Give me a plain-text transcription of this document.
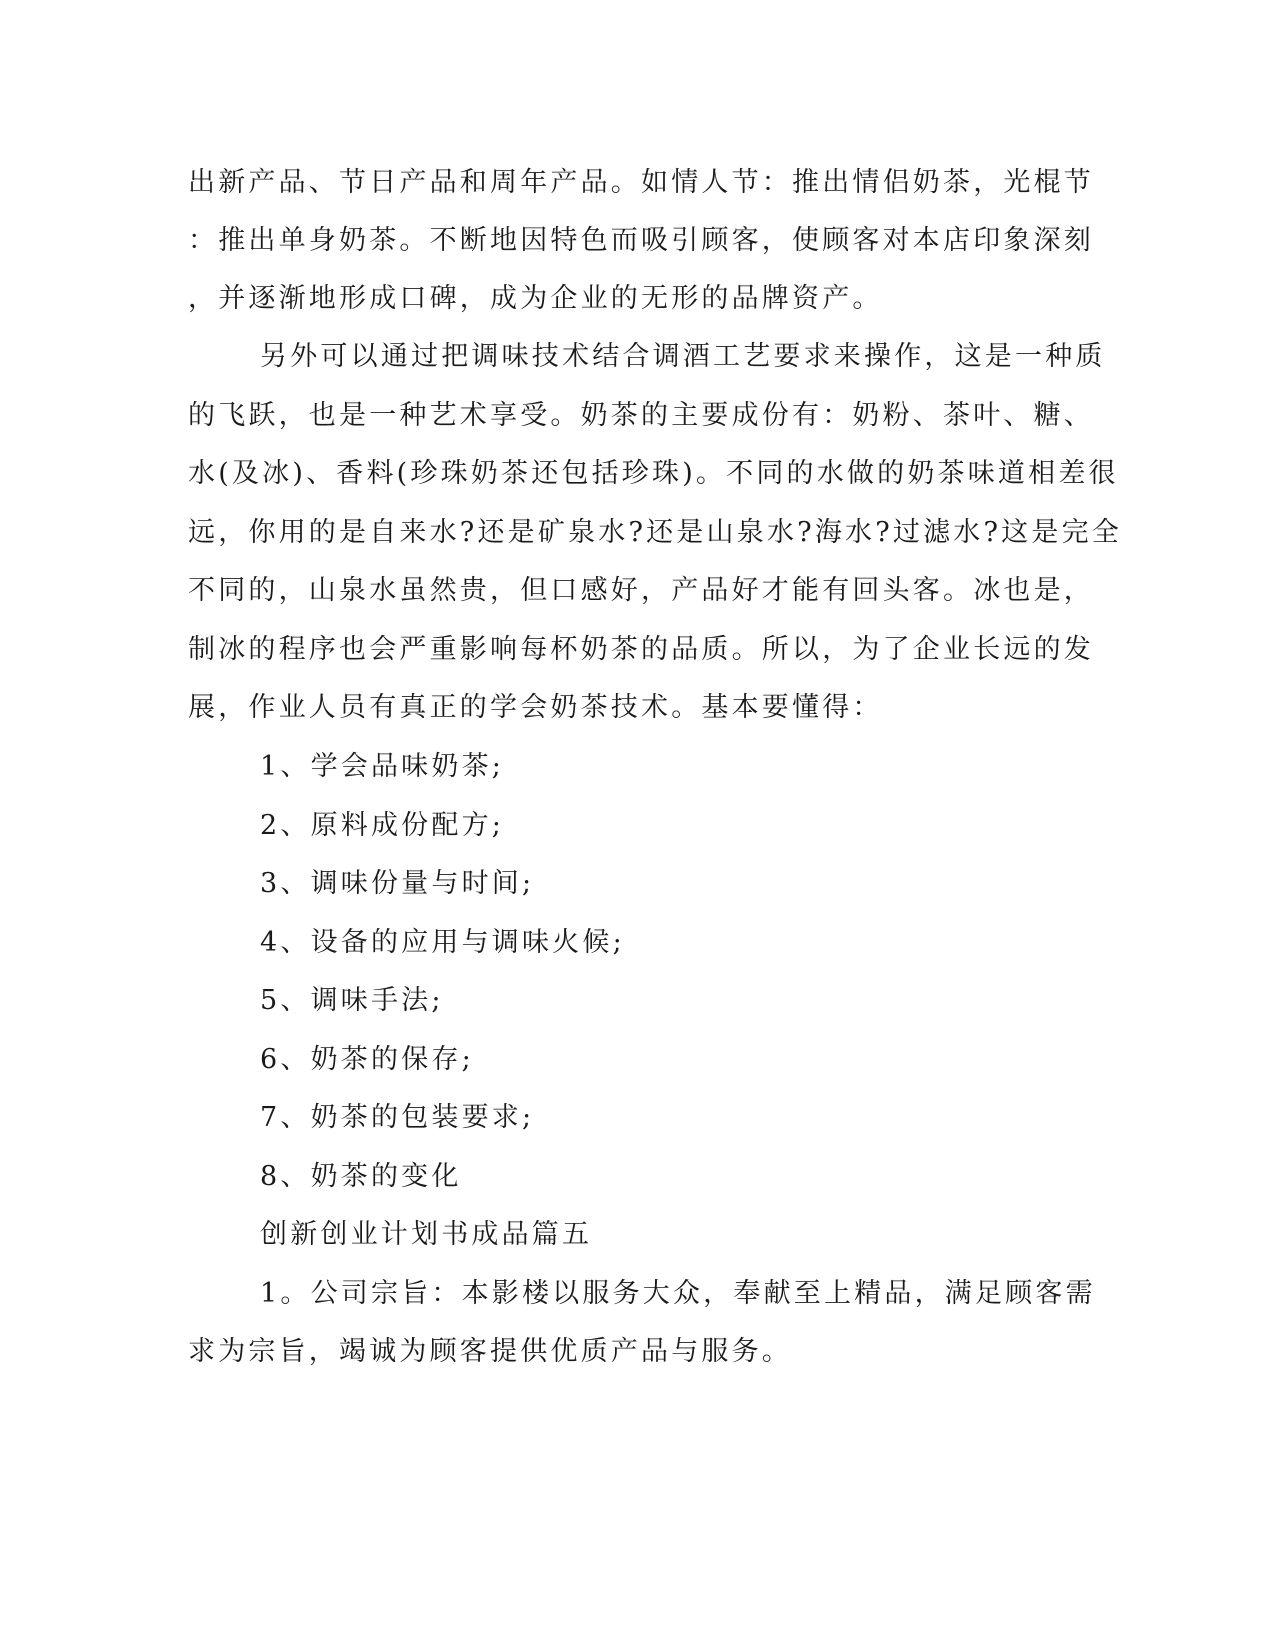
出新产品、节日产品和周年产品。如情人节：推出情侣奶茶，光棍节
：推出单身奶茶。不断地因特色而吸引顾客，使顾客对本店印象深刻
，并逐渐地形成口碑，成为企业的无形的品牌资产。
另外可以通过把调味技术结合调酒工艺要求来操作，这是一种质
的飞跃，也是一种艺术享受。奶茶的主要成份有：奶粉、茶叶、糖、
水(及冰)、香料(珍珠奶茶还包括珍珠)。不同的水做的奶茶味道相差很
远，你用的是自来水?还是矿泉水?还是山泉水?海水?过滤水?这是完全
不同的，山泉水虽然贵，但口感好，产品好才能有回头客。冰也是，
制冰的程序也会严重影响每杯奶茶的品质。所以，为了企业长远的发
展，作业人员有真正的学会奶茶技术。基本要懂得：
1、学会品味奶茶;
2、原料成份配方;
3、调味份量与时间;
4、设备的应用与调味火候;
5、调味手法;
6、奶茶的保存;
7、奶茶的包装要求;
8、奶茶的变化
创新创业计划书成品篇五
1。公司宗旨：本影楼以服务大众，奉献至上精品，满足顾客需
求为宗旨，竭诚为顾客提供优质产品与服务。
